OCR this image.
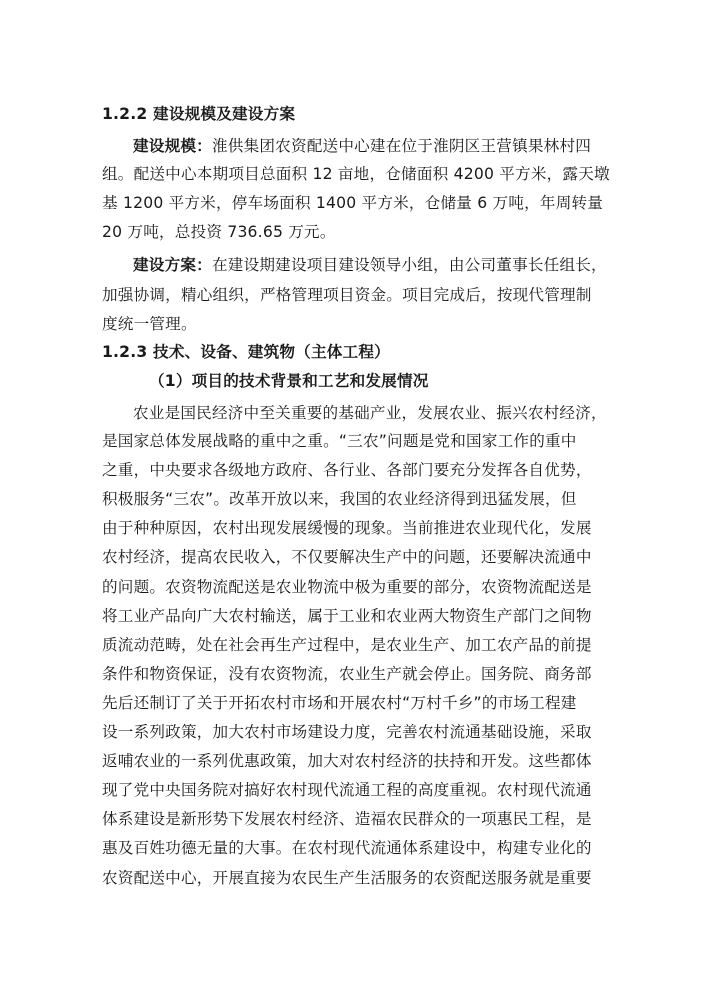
1.2.2 建设规模及建设方案
建设规模：淮供集团农资配送中心建在位于淮阴区王营镇果林村四
组。配送中心本期项目总面积 12 亩地，仓储面积 4200 平方米，露天墩
基 1200 平方米，停车场面积 1400 平方米，仓储量 6 万吨，年周转量
20 万吨，总投资 736.65 万元。
建设方案：在建设期建设项目建设领导小组，由公司董事长任组长，
加强协调，精心组织，严格管理项目资金。项目完成后，按现代管理制
度统一管理。
1.2.3 技术、设备、建筑物（主体工程）
（1）项目的技术背景和工艺和发展情况
农业是国民经济中至关重要的基础产业，发展农业、振兴农村经济，
是国家总体发展战略的重中之重。“三农”问题是党和国家工作的重中
之重，中央要求各级地方政府、各行业、各部门要充分发挥各自优势，
积极服务“三农”。改革开放以来，我国的农业经济得到迅猛发展，但
由于种种原因，农村出现发展缓慢的现象。当前推进农业现代化，发展
农村经济，提高农民收入，不仅要解决生产中的问题，还要解决流通中
的问题。农资物流配送是农业物流中极为重要的部分，农资物流配送是
将工业产品向广大农村输送，属于工业和农业两大物资生产部门之间物
质流动范畴，处在社会再生产过程中，是农业生产、加工农产品的前提
条件和物资保证，没有农资物流，农业生产就会停止。国务院、商务部
先后还制订了关于开拓农村市场和开展农村“万村千乡”的市场工程建
设一系列政策，加大农村市场建设力度，完善农村流通基础设施，采取
返哺农业的一系列优惠政策，加大对农村经济的扶持和开发。这些都体
现了党中央国务院对搞好农村现代流通工程的高度重视。农村现代流通
体系建设是新形势下发展农村经济、造福农民群众的一项惠民工程，是
惠及百姓功德无量的大事。在农村现代流通体系建设中，构建专业化的
农资配送中心，开展直接为农民生产生活服务的农资配送服务就是重要
